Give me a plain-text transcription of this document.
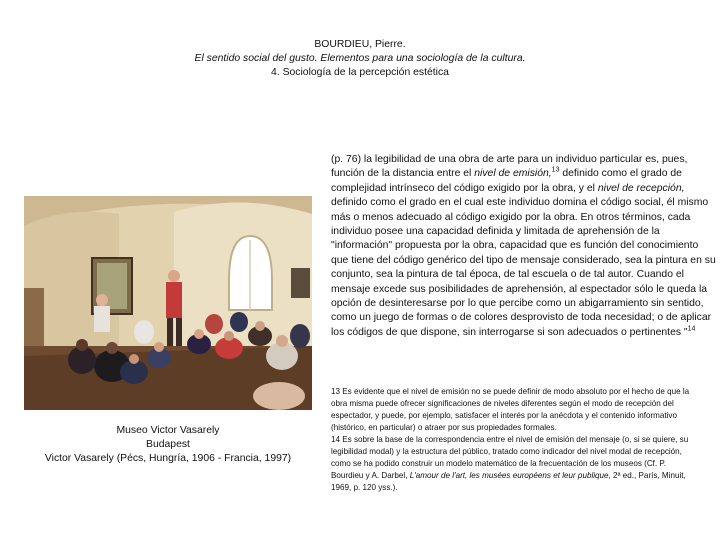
BOURDIEU, Pierre.
El sentido social del gusto. Elementos para una sociología de la cultura.
4. Sociología de la percepción estética
Museo Victor Vasarely
Budapest
Victor Vasarely (Pécs, Hungría, 1906 - Francia, 1997)
(p. 76) la legibilidad de una obra de arte para un individuo particular es, pues, función de la distancia entre el nivel de emisión,$^{13}$ definido como el grado de complejidad intrínseco del código exigido por la obra, y el nivel de recepción, definido como el grado en el cual este individuo domina el código social, él mismo más o menos adecuado al código exigido por la obra. En otros términos, cada individuo posee una capacidad definida y limitada de aprehensión de la "información" propuesta por la obra, capacidad que es función del conocimiento que tiene del código genérico del tipo de mensaje considerado, sea la pintura en su conjunto, sea la pintura de tal época, de tal escuela o de tal autor. Cuando el mensaje excede sus posibilidades de aprehensión, al espectador sólo le queda la opción de desinteresarse por lo que percibe como un abigarramiento sin sentido, como un juego de formas o de colores desprovisto de toda necesidad; o de aplicar los códigos de que dispone, sin interrogarse si son adecuados o pertinentes "$^{14}$

13 Es evidente que el nivel de emisión no se puede definir de modo absoluto por el hecho de que la obra misma puede ofrecer significaciones de niveles diferentes según el modo de recepción del espectador, y puede, por ejemplo, satisfacer el interés por la anécdota y el contenido informativo (histórico, en particular) o atraer por sus propiedades formales.

14 Es sobre la base de la correspondencia entre el nivel de emisión del mensaje (o, si se quiere, su legibilidad modal) y la estructura del público, tratado como indicador del nivel modal de recepción, como se ha podido construir un modelo matemático de la frecuentación de los museos (Cf. P. Bourdieu y A. Darbel, L'amour de l'art, les musées européens et leur publique, 2ª ed., París, Minuit, 1969, p. 120 yss.).
